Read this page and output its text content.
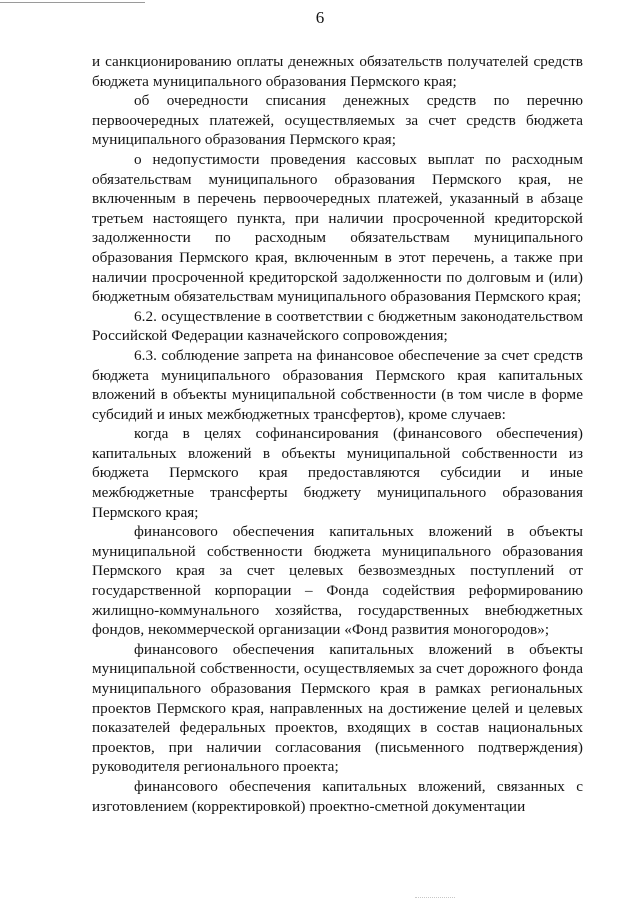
6

и санкционированию оплаты денежных обязательств получателей средств бюджета муниципального образования Пермского края;

об очередности списания денежных средств по перечню первоочередных платежей, осуществляемых за счет средств бюджета муниципального образования Пермского края;

о недопустимости проведения кассовых выплат по расходным обязательствам муниципального образования Пермского края, не включенным в перечень первоочередных платежей, указанный в абзаце третьем настоящего пункта, при наличии просроченной кредиторской задолженности по расходным обязательствам муниципального образования Пермского края, включенным в этот перечень, а также при наличии просроченной кредиторской задолженности по долговым и (или) бюджетным обязательствам муниципального образования Пермского края;

6.2. осуществление в соответствии с бюджетным законодательством Российской Федерации казначейского сопровождения;

6.3. соблюдение запрета на финансовое обеспечение за счет средств бюджета муниципального образования Пермского края капитальных вложений в объекты муниципальной собственности (в том числе в форме субсидий и иных межбюджетных трансфертов), кроме случаев:

когда в целях софинансирования (финансового обеспечения) капитальных вложений в объекты муниципальной собственности из бюджета Пермского края предоставляются субсидии и иные межбюджетные трансферты бюджету муниципального образования Пермского края;

финансового обеспечения капитальных вложений в объекты муниципальной собственности бюджета муниципального образования Пермского края за счет целевых безвозмездных поступлений от государственной корпорации – Фонда содействия реформированию жилищно-коммунального хозяйства, государственных внебюджетных фондов, некоммерческой организации «Фонд развития моногородов»;

финансового обеспечения капитальных вложений в объекты муниципальной собственности, осуществляемых за счет дорожного фонда муниципального образования Пермского края в рамках региональных проектов Пермского края, направленных на достижение целей и целевых показателей федеральных проектов, входящих в состав национальных проектов, при наличии согласования (письменного подтверждения) руководителя регионального проекта;

финансового обеспечения капитальных вложений, связанных с изготовлением (корректировкой) проектно-сметной документации
